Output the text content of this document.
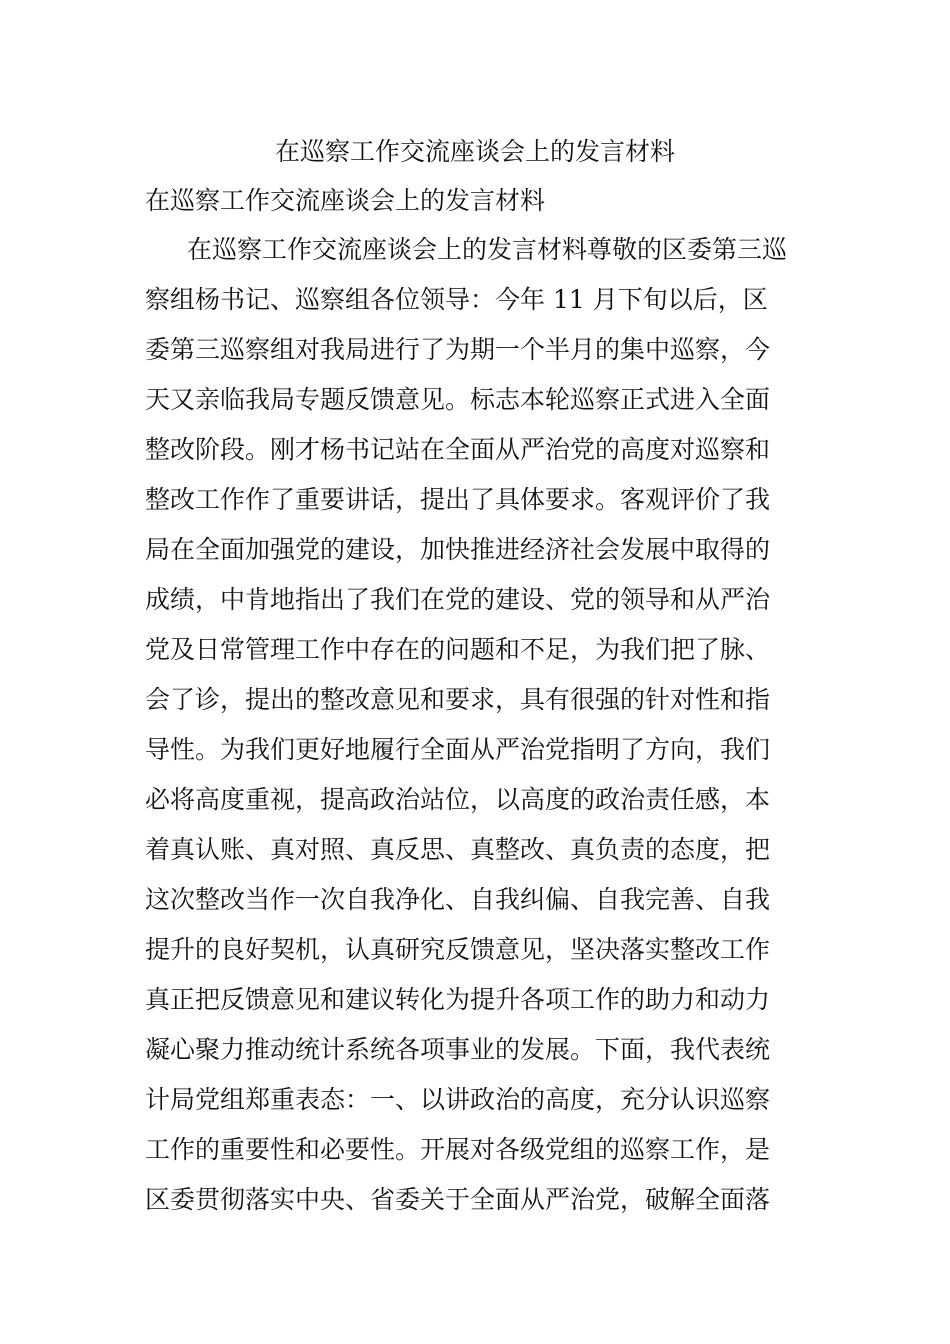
在巡察工作交流座谈会上的发言材料
在巡察工作交流座谈会上的发言材料
在巡察工作交流座谈会上的发言材料尊敬的区委第三巡
察组杨书记、巡察组各位领导：今年 11 月下旬以后，区
委第三巡察组对我局进行了为期一个半月的集中巡察，今
天又亲临我局专题反馈意见。标志本轮巡察正式进入全面
整改阶段。刚才杨书记站在全面从严治党的高度对巡察和
整改工作作了重要讲话，提出了具体要求。客观评价了我
局在全面加强党的建设，加快推进经济社会发展中取得的
成绩，中肯地指出了我们在党的建设、党的领导和从严治
党及日常管理工作中存在的问题和不足，为我们把了脉、
会了诊，提出的整改意见和要求，具有很强的针对性和指
导性。为我们更好地履行全面从严治党指明了方向，我们
必将高度重视，提高政治站位，以高度的政治责任感，本
着真认账、真对照、真反思、真整改、真负责的态度，把
这次整改当作一次自我净化、自我纠偏、自我完善、自我
提升的良好契机，认真研究反馈意见，坚决落实整改工作
真正把反馈意见和建议转化为提升各项工作的助力和动力
凝心聚力推动统计系统各项事业的发展。下面，我代表统
计局党组郑重表态：一、以讲政治的高度，充分认识巡察
工作的重要性和必要性。开展对各级党组的巡察工作，是
区委贯彻落实中央、省委关于全面从严治党，破解全面落
